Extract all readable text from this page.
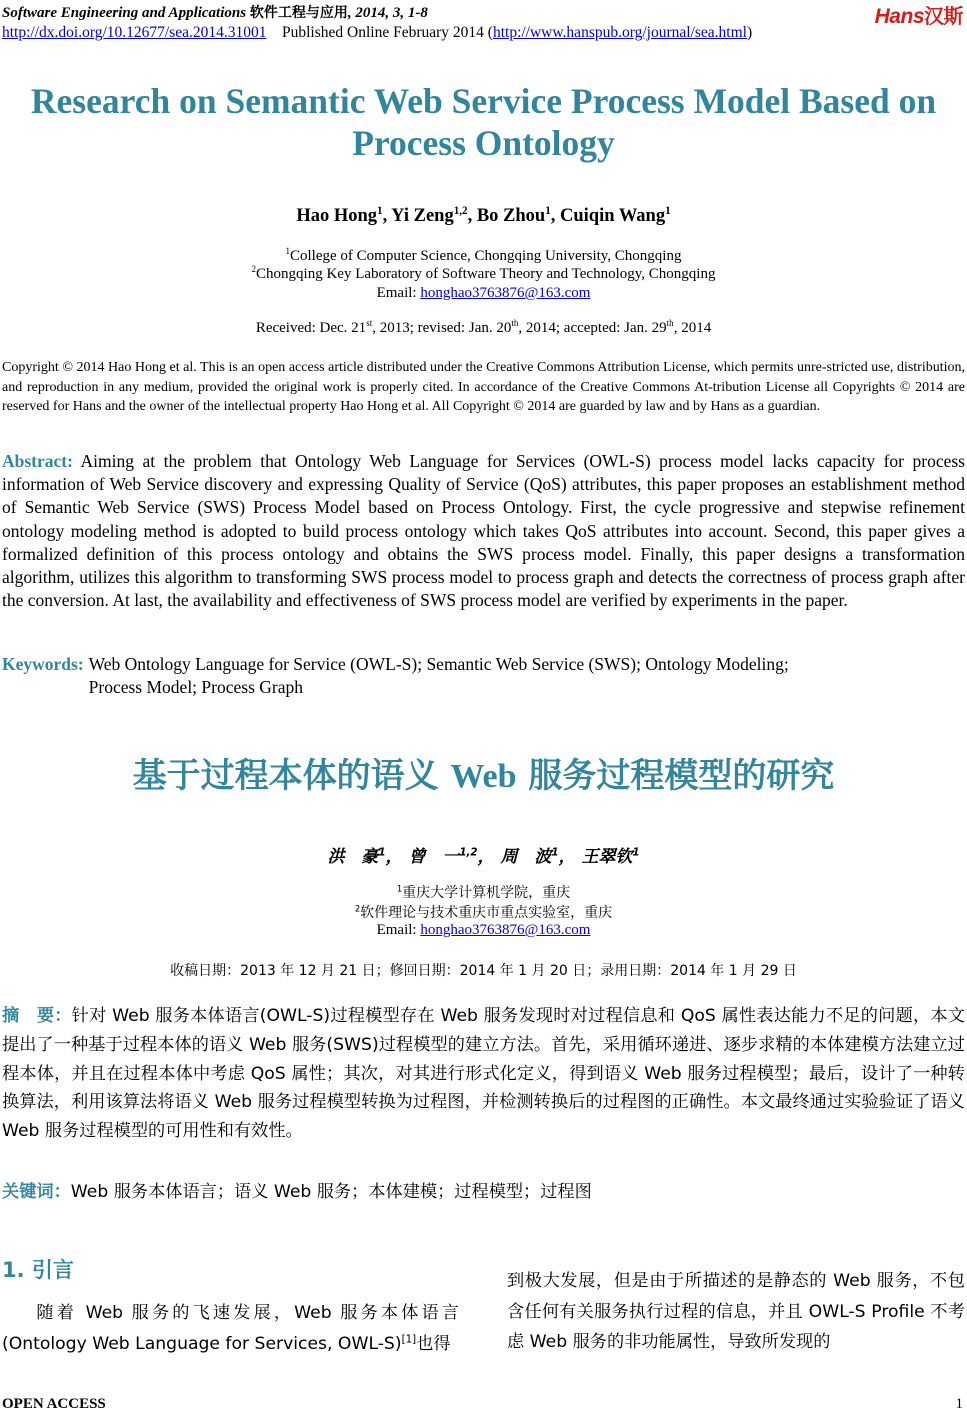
Software Engineering and Applications 软件工程与应用, 2014, 3, 1-8
http://dx.doi.org/10.12677/sea.2014.31001 Published Online February 2014 (http://www.hanspub.org/journal/sea.html)
Hans汉斯
Research on Semantic Web Service Process Model Based on Process Ontology
Hao Hong$^1$, Yi Zeng$^{1,2}$, Bo Zhou$^1$, Cuiqin Wang$^1$
$^1$College of Computer Science, Chongqing University, Chongqing
$^2$Chongqing Key Laboratory of Software Theory and Technology, Chongqing
Email: honghao3763876@163.com
Received: Dec. 21st, 2013; revised: Jan. 20th, 2014; accepted: Jan. 29th, 2014
Copyright © 2014 Hao Hong et al. This is an open access article distributed under the Creative Commons Attribution License, which permits unre-stricted use, distribution, and reproduction in any medium, provided the original work is properly cited. In accordance of the Creative Commons At-tribution License all Copyrights © 2014 are reserved for Hans and the owner of the intellectual property Hao Hong et al. All Copyright © 2014 are guarded by law and by Hans as a guardian.
Abstract: Aiming at the problem that Ontology Web Language for Services (OWL-S) process model lacks capacity for process information of Web Service discovery and expressing Quality of Service (QoS) attributes, this paper proposes an establishment method of Semantic Web Service (SWS) Process Model based on Process Ontology. First, the cycle progressive and stepwise refinement ontology modeling method is adopted to build process ontology which takes QoS attributes into account. Second, this paper gives a formalized definition of this process ontology and obtains the SWS process model. Finally, this paper designs a transformation algorithm, utilizes this algorithm to transforming SWS process model to process graph and detects the correctness of process graph after the conversion. At last, the availability and effectiveness of SWS process model are verified by experiments in the paper.
Keywords: Web Ontology Language for Service (OWL-S); Semantic Web Service (SWS); Ontology Modeling;
Process Model; Process Graph
基于过程本体的语义 Web 服务过程模型的研究
洪　豪$^1$， 曾　一$^{1,2}$， 周　波$^1$， 王翠钦$^1$
$^1$重庆大学计算机学院，重庆
$^2$软件理论与技术重庆市重点实验室，重庆
Email: honghao3763876@163.com
收稿日期：2013 年 12 月 21 日；修回日期：2014 年 1 月 20 日；录用日期：2014 年 1 月 29 日
摘　要：针对 Web 服务本体语言(OWL-S)过程模型存在 Web 服务发现时对过程信息和 QoS 属性表达能力不足的问题，本文提出了一种基于过程本体的语义 Web 服务(SWS)过程模型的建立方法。首先，采用循环递进、逐步求精的本体建模方法建立过程本体，并且在过程本体中考虑 QoS 属性；其次，对其进行形式化定义，得到语义 Web 服务过程模型；最后，设计了一种转换算法，利用该算法将语义 Web 服务过程模型转换为过程图，并检测转换后的过程图的正确性。本文最终通过实验验证了语义 Web 服务过程模型的可用性和有效性。
关键词：Web 服务本体语言；语义 Web 服务；本体建模；过程模型；过程图
1. 引言
随着 Web 服务的飞速发展，Web 服务本体语言(Ontology Web Language for Services, OWL-S)[1]也得
到极大发展，但是由于所描述的是静态的 Web 服务，不包含任何有关服务执行过程的信息，并且 OWL-S Profile 不考虑 Web 服务的非功能属性，导致所发现的
OPEN ACCESS	1
